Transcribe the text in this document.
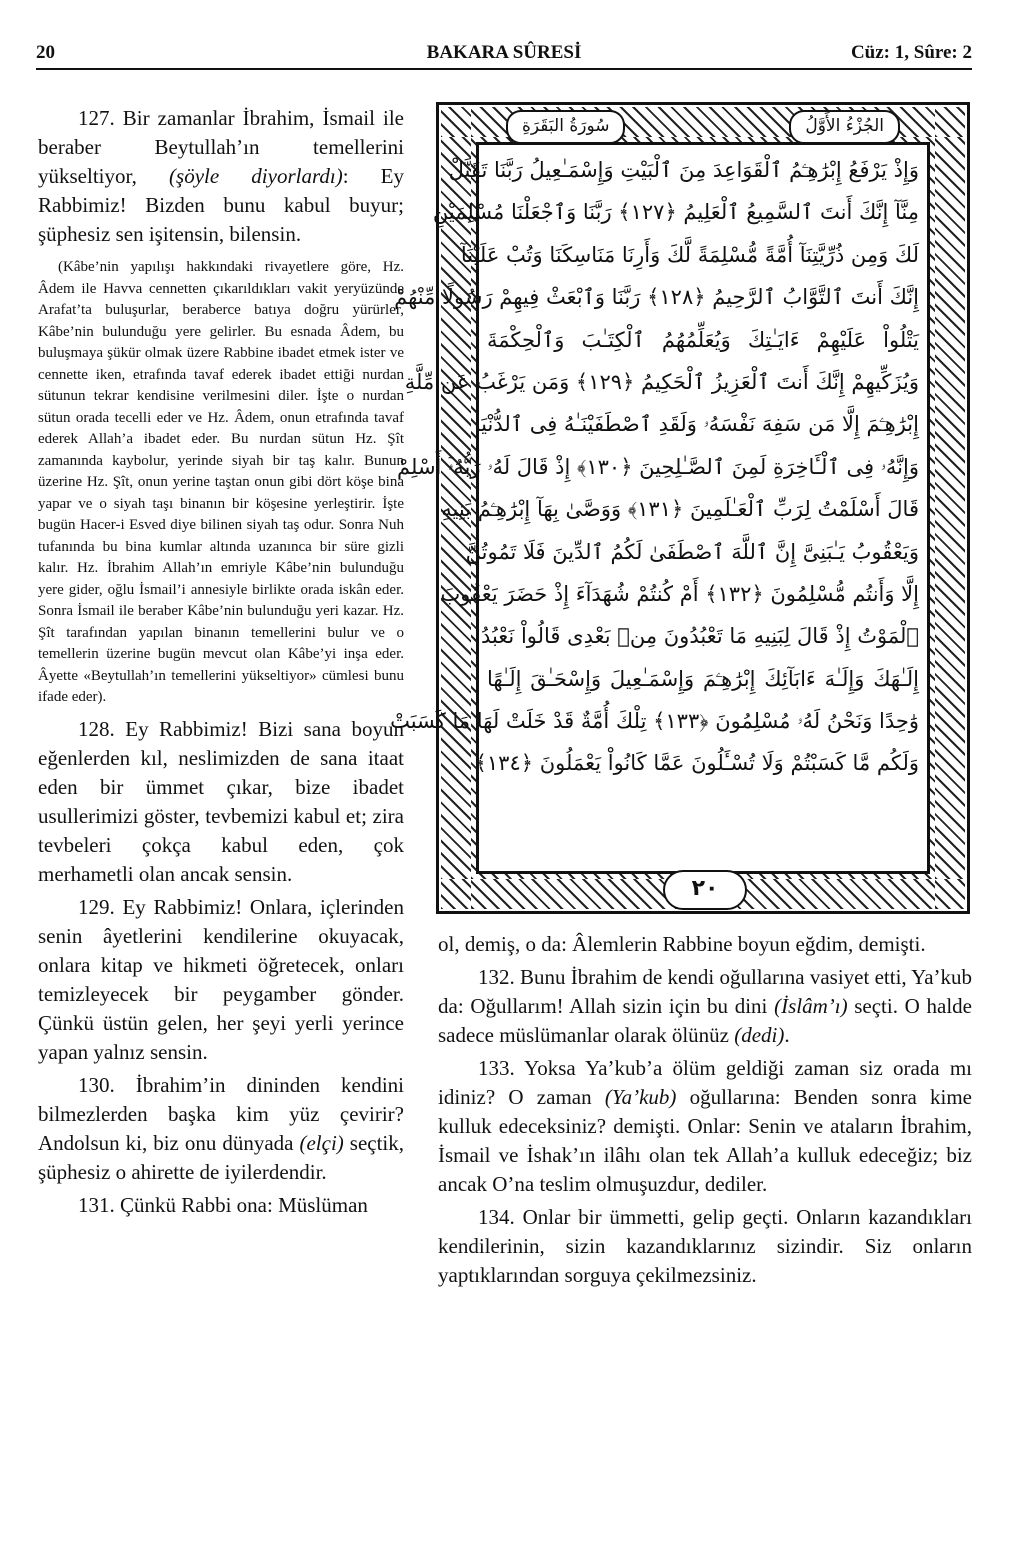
20	BAKARA SÛRESİ	Cüz: 1, Sûre: 2

127. Bir zamanlar İbrahim, İsmail ile beraber Beytullah’ın temellerini yükseltiyor, (şöyle diyorlardı): Ey Rabbimiz! Bizden bunu kabul buyur; şüphesiz sen işitensin, bilensin.

(Kâbe’nin yapılışı hakkındaki rivayetlere göre, Hz. Âdem ile Havva cennetten çıkarıldıkları vakit yeryüzünde Arafat’ta buluşurlar, beraberce batıya doğru yürürler, Kâbe’nin bulunduğu yere gelirler. Bu esnada Âdem, bu buluşmaya şükür olmak üzere Rabbine ibadet etmek ister ve cennette iken, etrafında tavaf ederek ibadet ettiği nurdan sütunun tekrar kendisine verilmesini diler. İşte o nurdan sütun orada tecelli eder ve Hz. Âdem, onun etrafında tavaf ederek Allah’a ibadet eder. Bu nurdan sütun Hz. Şît zamanında kaybolur, yerinde siyah bir taş kalır. Bunun üzerine Hz. Şît, onun yerine taştan onun gibi dört köşe bina yapar ve o siyah taşı binanın bir köşesine yerleştirir. İşte bugün Hacer-i Esved diye bilinen siyah taş odur. Sonra Nuh tufanında bu bina kumlar altında uzanınca bir süre gizli kalır. Hz. İbrahim Allah’ın emriyle Kâbe’nin bulunduğu yere gider, oğlu İsmail’i annesiyle birlikte orada iskân eder. Sonra İsmail ile beraber Kâbe’nin bulunduğu yeri kazar. Hz. Şît tarafından yapılan binanın temellerini bulur ve o temellerin üzerine bugün mevcut olan Kâbe’yi inşa eder. Âyette «Beytullah’ın temellerini yükseltiyor» cümlesi bunu ifade eder).

128. Ey Rabbimiz! Bizi sana boyun eğenlerden kıl, neslimizden de sana itaat eden bir ümmet çıkar, bize ibadet usullerimizi göster, tevbemizi kabul et; zira tevbeleri çokça kabul eden, çok merhametli olan ancak sensin.

129. Ey Rabbimiz! Onlara, içlerinden senin âyetlerini kendilerine okuyacak, onlara kitap ve hikmeti öğretecek, onları temizleyecek bir peygamber gönder. Çünkü üstün gelen, her şeyi yerli yerince yapan yalnız sensin.

130. İbrahim’in dininden kendini bilmezlerden başka kim yüz çevirir? Andolsun ki, biz onu dünyada (elçi) seçtik, şüphesiz o ahirette de iyilerdendir.

131. Çünkü Rabbi ona: Müslüman

وَإِذْ يَرْفَعُ إِبْرَٰهِـۧمُ ٱلْقَوَاعِدَ مِنَ ٱلْبَيْتِ وَإِسْمَـٰعِيلُ رَبَّنَا تَقَبَّلْ
مِنَّآ إِنَّكَ أَنتَ ٱلسَّمِيعُ ٱلْعَلِيمُ ﴿١٢٧﴾ رَبَّنَا وَٱجْعَلْنَا مُسْلِمَيْنِ
لَكَ وَمِن ذُرِّيَّتِنَآ أُمَّةً مُّسْلِمَةً لَّكَ وَأَرِنَا مَنَاسِكَنَا وَتُبْ عَلَيْنَآ
إِنَّكَ أَنتَ ٱلتَّوَّابُ ٱلرَّحِيمُ ﴿١٢٨﴾ رَبَّنَا وَٱبْعَثْ فِيهِمْ رَسُولًا مِّنْهُمْ
يَتْلُواْ عَلَيْهِمْ ءَايَـٰتِكَ وَيُعَلِّمُهُمُ ٱلْكِتَـٰبَ وَٱلْحِكْمَةَ
وَيُزَكِّيهِمْ إِنَّكَ أَنتَ ٱلْعَزِيزُ ٱلْحَكِيمُ ﴿١٢٩﴾ وَمَن يَرْغَبُ عَن مِّلَّةِ
إِبْرَٰهِـۧمَ إِلَّا مَن سَفِهَ نَفْسَهُۥ وَلَقَدِ ٱصْطَفَيْنَـٰهُ فِى ٱلدُّنْيَا
وَإِنَّهُۥ فِى ٱلْـَٔاخِرَةِ لَمِنَ ٱلصَّـٰلِحِينَ ﴿١٣٠﴾ إِذْ قَالَ لَهُۥ رَبُّهُۥٓ أَسْلِمْ
قَالَ أَسْلَمْتُ لِرَبِّ ٱلْعَـٰلَمِينَ ﴿١٣١﴾ وَوَصَّىٰ بِهَآ إِبْرَٰهِـۧمُ بَنِيهِ
وَيَعْقُوبُ يَـٰبَنِىَّ إِنَّ ٱللَّهَ ٱصْطَفَىٰ لَكُمُ ٱلدِّينَ فَلَا تَمُوتُنَّ
إِلَّا وَأَنتُم مُّسْلِمُونَ ﴿١٣٢﴾ أَمْ كُنتُمْ شُهَدَآءَ إِذْ حَضَرَ يَعْقُوبَ
ٱلْمَوْتُ إِذْ قَالَ لِبَنِيهِ مَا تَعْبُدُونَ مِنۢ بَعْدِى قَالُواْ نَعْبُدُ
إِلَـٰهَكَ وَإِلَـٰهَ ءَابَآئِكَ إِبْرَٰهِـۧمَ وَإِسْمَـٰعِيلَ وَإِسْحَـٰقَ إِلَـٰهًا
وَٰحِدًا وَنَحْنُ لَهُۥ مُسْلِمُونَ ﴿١٣٣﴾ تِلْكَ أُمَّةٌ قَدْ خَلَتْ لَهَا مَا كَسَبَتْ
وَلَكُم مَّا كَسَبْتُمْ وَلَا تُسْـَٔلُونَ عَمَّا كَانُواْ يَعْمَلُونَ ﴿١٣٤﴾
سُورَةُ البَقَرَةِ	الجُزْءُ الأَوَّلُ
٢٠

ol, demiş, o da: Âlemlerin Rabbine boyun eğdim, demişti.

132. Bunu İbrahim de kendi oğullarına vasiyet etti, Ya’kub da: Oğullarım! Allah sizin için bu dini (İslâm’ı) seçti. O halde sadece müslümanlar olarak ölünüz (dedi).

133. Yoksa Ya’kub’a ölüm geldiği zaman siz orada mı idiniz? O zaman (Ya’kub) oğullarına: Benden sonra kime kulluk edeceksiniz? demişti. Onlar: Senin ve ataların İbrahim, İsmail ve İshak’ın ilâhı olan tek Allah’a kulluk edeceğiz; biz ancak O’na teslim olmuşuzdur, dediler.

134. Onlar bir ümmetti, gelip geçti. Onların kazandıkları kendilerinin, sizin kazandıklarınız sizindir. Siz onların yaptıklarından sorguya çekilmezsiniz.
